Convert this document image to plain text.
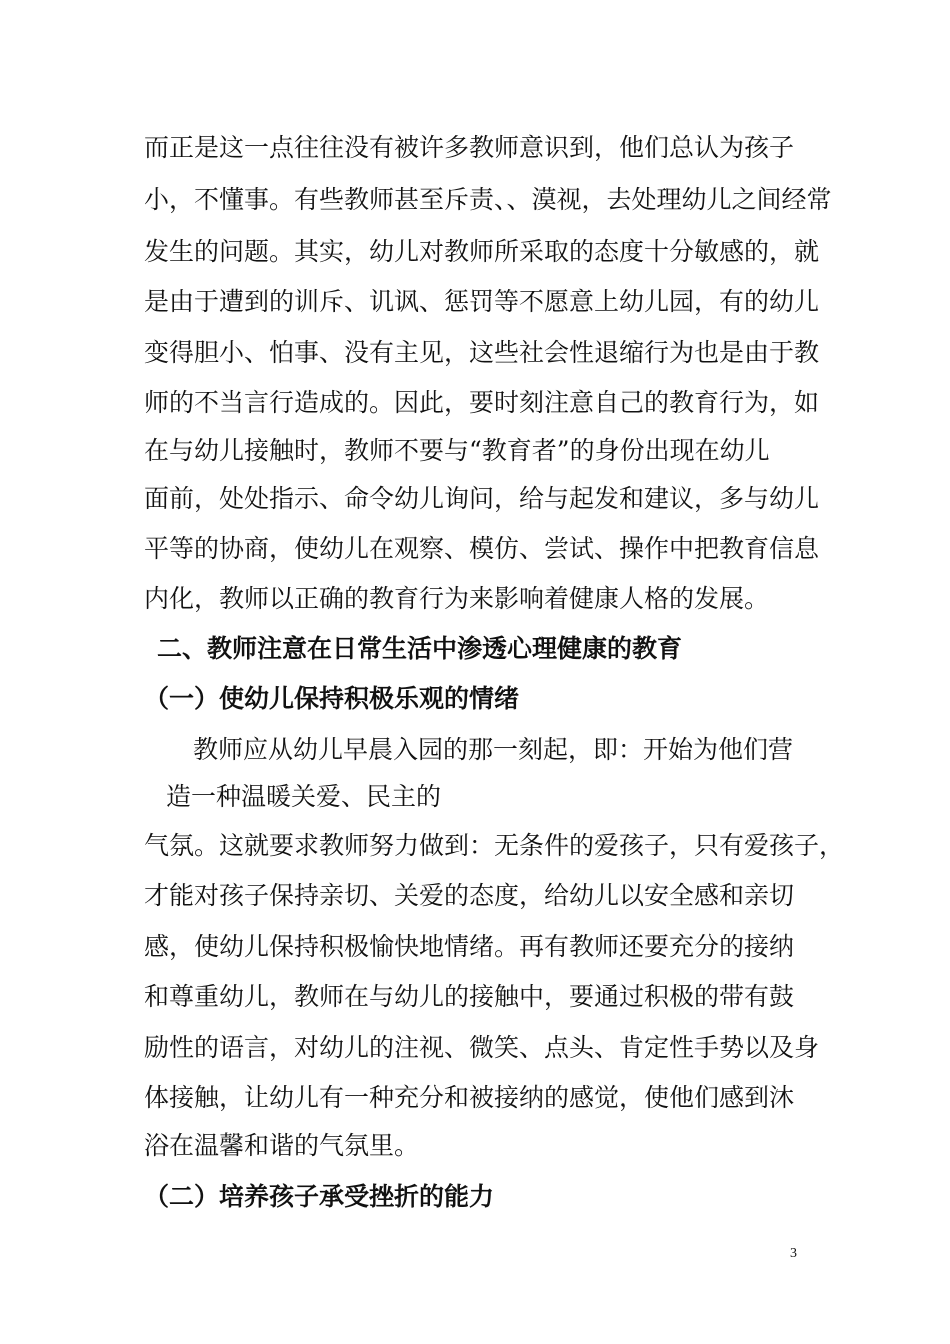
而正是这一点往往没有被许多教师意识到，他们总认为孩子
小，不懂事。有些教师甚至斥责、、漠视，去处理幼儿之间经常
发生的问题。其实，幼儿对教师所采取的态度十分敏感的，就
是由于遭到的训斥、讥讽、惩罚等不愿意上幼儿园，有的幼儿
变得胆小、怕事、没有主见，这些社会性退缩行为也是由于教
师的不当言行造成的。因此，要时刻注意自己的教育行为，如
在与幼儿接触时，教师不要与“教育者”的身份出现在幼儿
面前，处处指示、命令幼儿询问，给与起发和建议，多与幼儿
平等的协商，使幼儿在观察、模仿、尝试、操作中把教育信息
内化，教师以正确的教育行为来影响着健康人格的发展。
二、教师注意在日常生活中渗透心理健康的教育
（一）使幼儿保持积极乐观的情绪
教师应从幼儿早晨入园的那一刻起，即：开始为他们营
造一种温暖关爱、民主的
气氛。这就要求教师努力做到：无条件的爱孩子，只有爱孩子，
才能对孩子保持亲切、关爱的态度，给幼儿以安全感和亲切
感，使幼儿保持积极愉快地情绪。再有教师还要充分的接纳
和尊重幼儿，教师在与幼儿的接触中，要通过积极的带有鼓
励性的语言，对幼儿的注视、微笑、点头、肯定性手势以及身
体接触，让幼儿有一种充分和被接纳的感觉，使他们感到沐
浴在温馨和谐的气氛里。
（二）培养孩子承受挫折的能力
3
